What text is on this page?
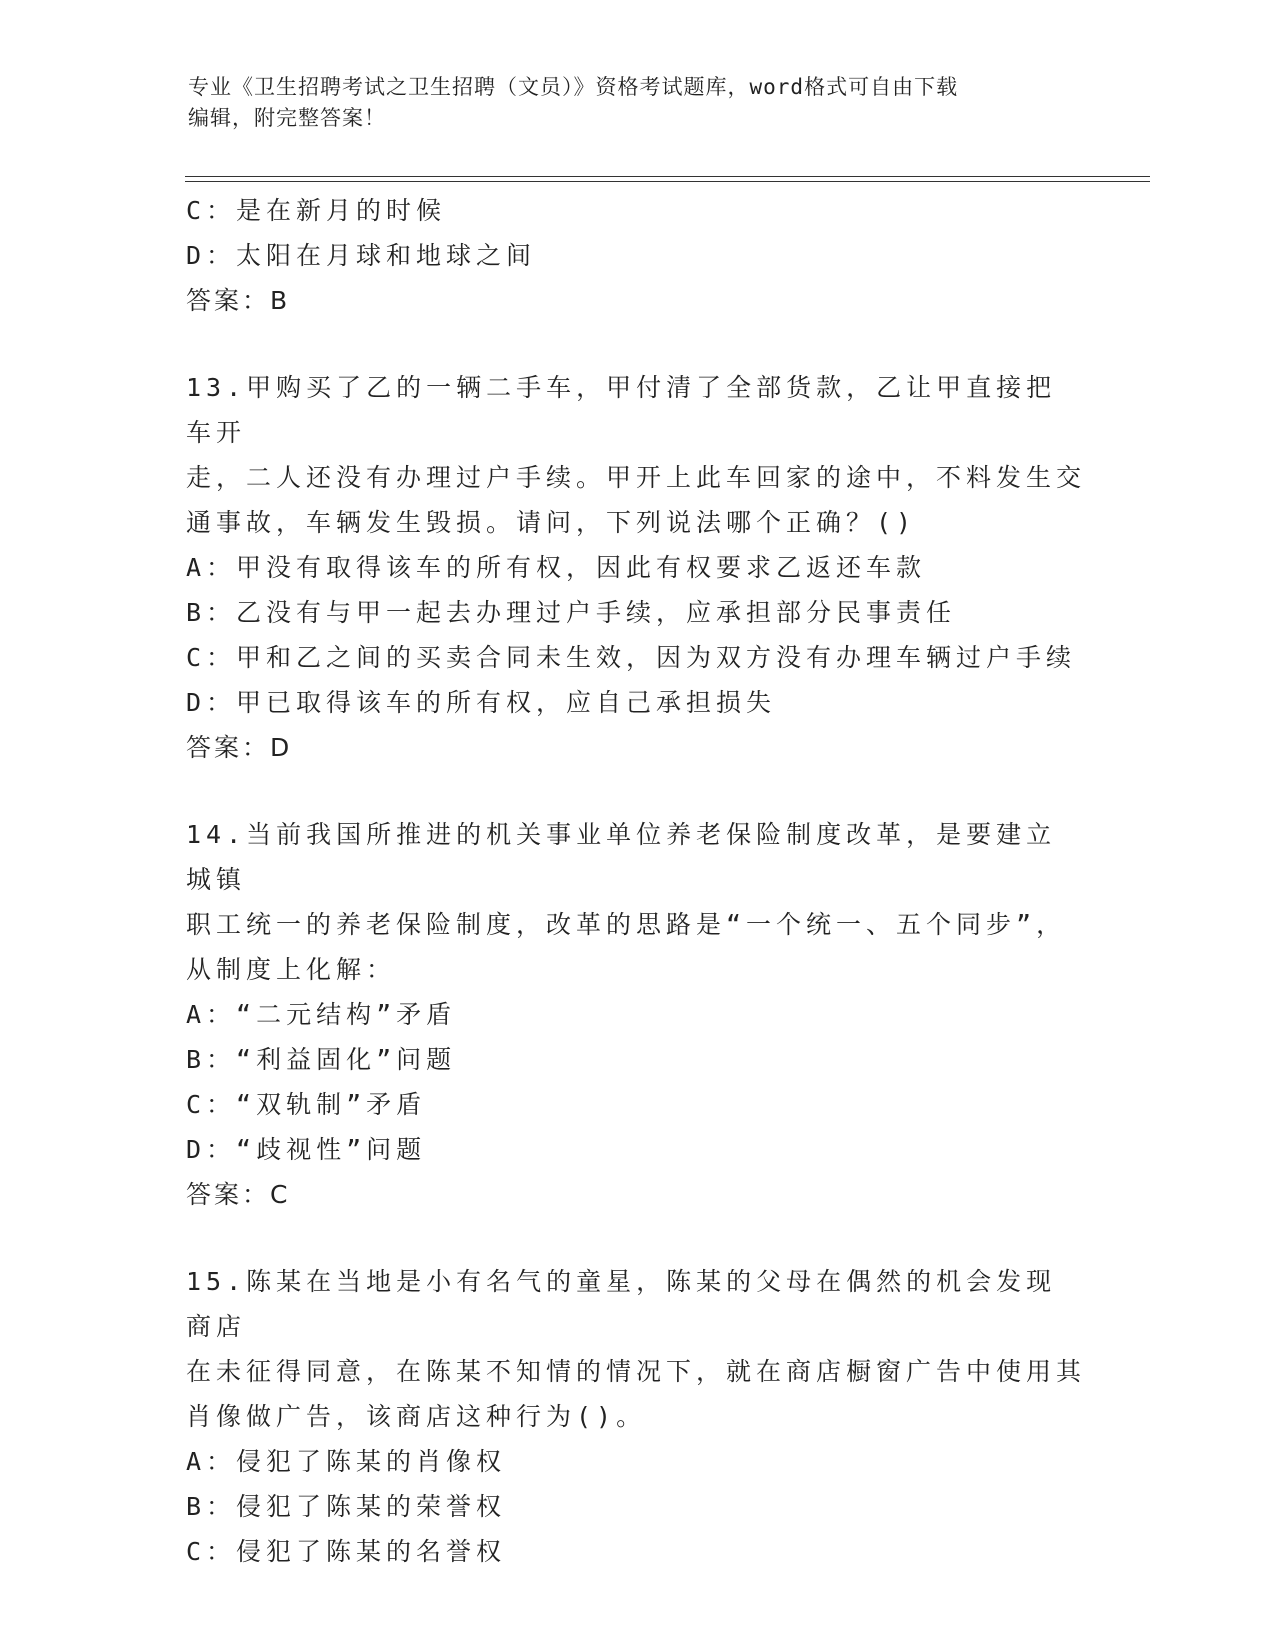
专业《卫生招聘考试之卫生招聘（文员）》资格考试题库，word格式可自由下载
编辑，附完整答案！
C：是在新月的时候
D：太阳在月球和地球之间
答案：B
13.甲购买了乙的一辆二手车，甲付清了全部货款，乙让甲直接把车开
走，二人还没有办理过户手续。甲开上此车回家的途中，不料发生交
通事故，车辆发生毁损。请问，下列说法哪个正确？()
A：甲没有取得该车的所有权，因此有权要求乙返还车款
B：乙没有与甲一起去办理过户手续，应承担部分民事责任
C：甲和乙之间的买卖合同未生效，因为双方没有办理车辆过户手续
D：甲已取得该车的所有权，应自己承担损失
答案：D
14.当前我国所推进的机关事业单位养老保险制度改革，是要建立城镇
职工统一的养老保险制度，改革的思路是“一个统一、五个同步”，
从制度上化解：
A：“二元结构”矛盾
B：“利益固化”问题
C：“双轨制”矛盾
D：“歧视性”问题
答案：C
15.陈某在当地是小有名气的童星，陈某的父母在偶然的机会发现商店
在未征得同意，在陈某不知情的情况下，就在商店橱窗广告中使用其
肖像做广告，该商店这种行为()。
A：侵犯了陈某的肖像权
B：侵犯了陈某的荣誉权
C：侵犯了陈某的名誉权
